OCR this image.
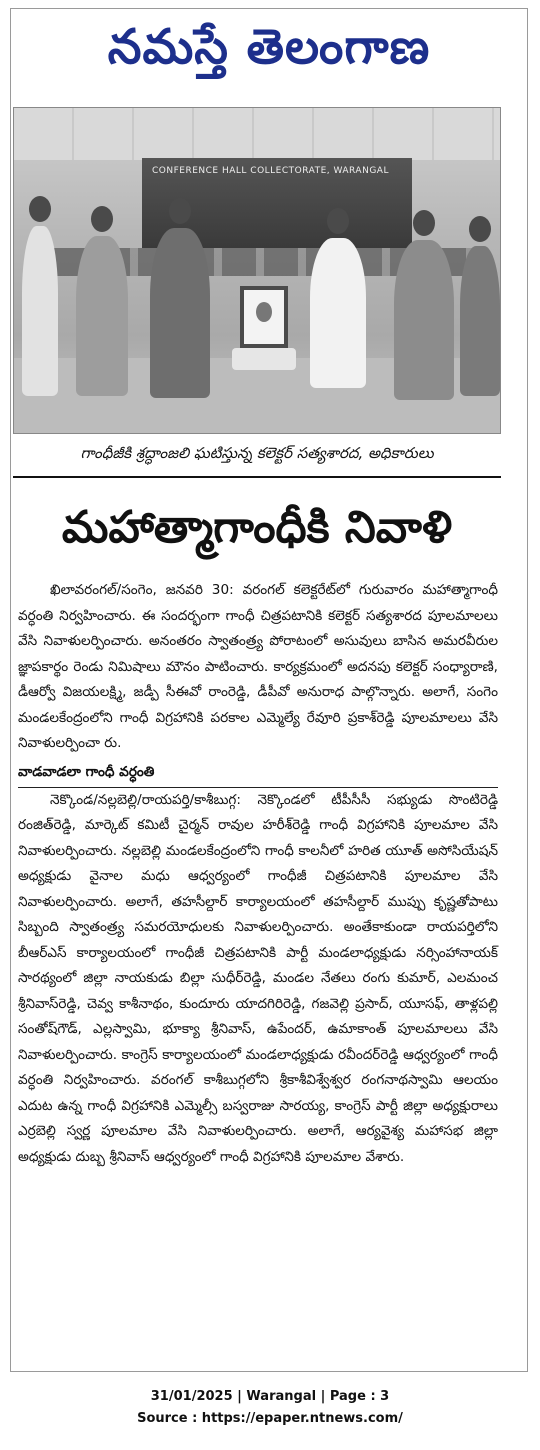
నమస్తే తెలంగాణ
CONFERENCE HALL COLLECTORATE, WARANGAL
గాంధీజీకి శ్రద్ధాంజలి ఘటిస్తున్న కలెక్టర్ సత్యశారద, అధికారులు
మహాత్మాగాంధీకి నివాళి

ఖిలావరంగల్/సంగెం, జనవరి 30: వరంగల్ కలెక్టరేట్‌లో గురువారం మహాత్మాగాంధీ వర్ధంతి నిర్వహించారు. ఈ సందర్భంగా గాంధీ చిత్రపటానికి కలెక్టర్ సత్యశారద పూలమాలలు వేసి నివాళులర్పించారు. అనంతరం స్వాతంత్ర్య పోరాటంలో అసువులు బాసిన అమరవీరుల జ్ఞాపకార్థం రెండు నిమిషాలు మౌనం పాటించారు. కార్యక్రమంలో అదనపు కలెక్టర్ సంధ్యారాణి, డీఆర్వో విజయలక్ష్మి, జడ్పీ సీఈవో రాంరెడ్డి, డీపీవో అనురాధ పాల్గొన్నారు. అలాగే, సంగెం మండలకేంద్రంలోని గాంధీ విగ్రహానికి పరకాల ఎమ్మెల్యే రేవూరి ప్రకాశ్‌రెడ్డి పూలమాలలు వేసి నివాళులర్పించా రు.

వాడవాడలా గాంధీ వర్ధంతి

నెక్కొండ/నల్లబెల్లి/రాయపర్తి/కాశీబుగ్గ: నెక్కొండలో టీపీసీసీ సభ్యుడు సొంటిరెడ్డి రంజిత్‌రెడ్డి, మార్కెట్ కమిటీ చైర్మన్ రావుల హరీశ్‌రెడ్డి గాంధీ విగ్రహానికి పూలమాల వేసి నివాళులర్పించారు. నల్లబెల్లి మండలకేంద్రంలోని గాంధీ కాలనీలో హరిత యూత్ అసోసియేషన్ అధ్యక్షుడు వైనాల మధు ఆధ్వర్యంలో గాంధీజీ చిత్రపటానికి పూలమాల వేసి నివాళులర్పించారు. అలాగే, తహసీల్దార్ కార్యాలయంలో తహసీల్దార్ ముప్పు కృష్ణతోపాటు సిబ్బంది స్వాతంత్ర్య సమరయోధులకు నివాళులర్పించారు. అంతేకాకుండా రాయపర్తిలోని బీఆర్‌ఎస్ కార్యాలయంలో గాంధీజీ చిత్రపటానికి పార్టీ మండలాధ్యక్షుడు నర్సింహానాయక్ సారథ్యంలో జిల్లా నాయకుడు బిల్లా సుధీర్‌రెడ్డి, మండల నేతలు రంగు కుమార్, ఎలమంచ శ్రీనివాస్‌రెడ్డి, చెవ్వ కాశీనాథం, కుందూరు యాదగిరిరెడ్డి, గజవెల్లి ప్రసాద్, యూసఫ్, తాళ్లపల్లి సంతోష్‌గౌడ్, ఎల్లస్వామి, భూక్యా శ్రీనివాస్, ఉపేందర్, ఉమాకాంత్ పూలమాలలు వేసి నివాళులర్పించారు. కాంగ్రెస్ కార్యాలయంలో మండలాధ్యక్షుడు రవీందర్‌రెడ్డి ఆధ్వర్యంలో గాంధీ వర్ధంతి నిర్వహించారు. వరంగల్ కాశీబుగ్గలోని శ్రీకాశీవిశ్వేశ్వర రంగనాథస్వామి ఆలయం ఎదుట ఉన్న గాంధీ విగ్రహానికి ఎమ్మెల్సీ బస్వరాజు సారయ్య, కాంగ్రెస్ పార్టీ జిల్లా అధ్యక్షురాలు ఎర్రబెల్లి స్వర్ణ పూలమాల వేసి నివాళులర్పించారు. అలాగే, ఆర్యవైశ్య మహాసభ జిల్లా అధ్యక్షుడు దుబ్బ శ్రీనివాస్ ఆధ్వర్యంలో గాంధీ విగ్రహానికి పూలమాల వేశారు.

31/01/2025 | Warangal | Page : 3
Source : https://epaper.ntnews.com/
